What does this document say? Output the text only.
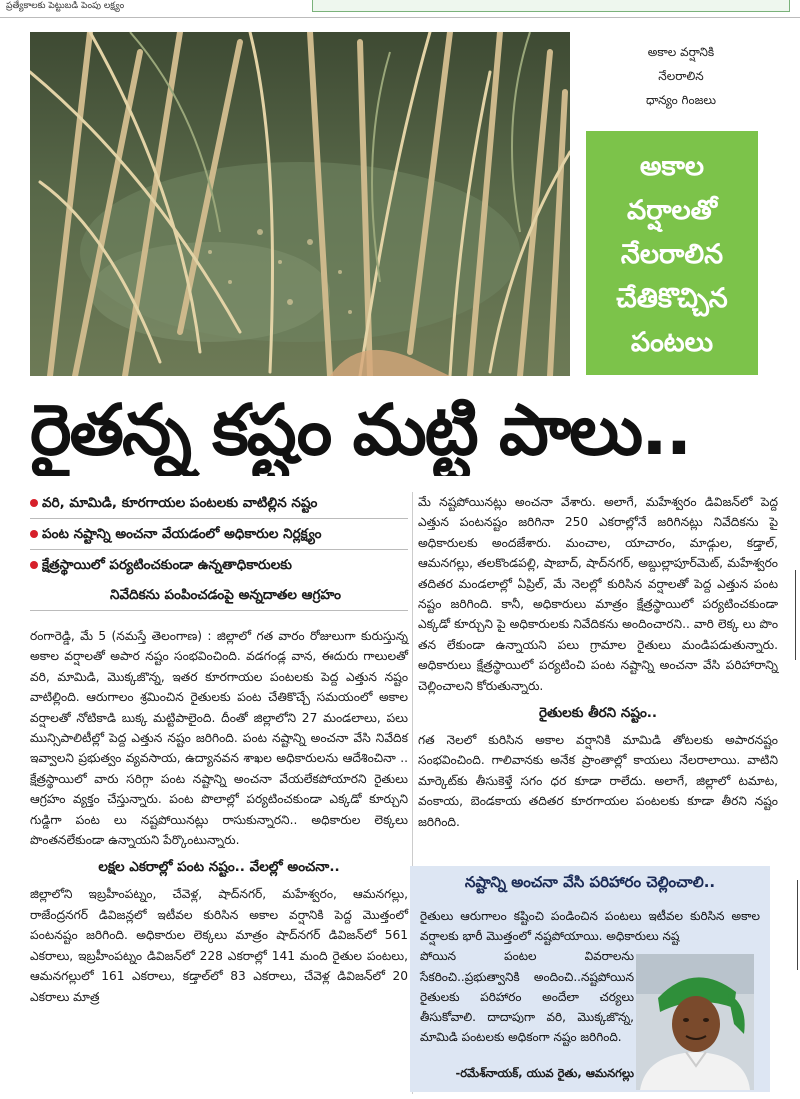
ప్రత్యేకాలకు పెట్టుబడి పెంపు లక్ష్యం
అకాల వర్షానికి
నేలరాలిన
ధాన్యం గింజలు
అకాల
వర్షాలతో
నేలరాలిన
చేతికొచ్చిన
పంటలు
రైతన్న కష్టం మట్టి పాలు..
వరి, మామిడి, కూరగాయల పంటలకు వాటిల్లిన నష్టం
పంట నష్టాన్ని అంచనా వేయడంలో అధికారుల నిర్లక్ష్యం
క్షేత్రస్థాయిలో పర్యటించకుండా ఉన్నతాధికారులకు
నివేదికను పంపించడంపై అన్నదాతల ఆగ్రహం

రంగారెడ్డి, మే 5 (నమస్తే తెలంగాణ) : జిల్లాలో గత వారం రోజులుగా కురుస్తున్న అకాల వర్షాలతో అపార నష్టం సంభవించింది. వడగండ్ల వాన, ఈదురు గాలులతో వరి, మామిడి, మొక్కజొన్న, ఇతర కూరగాయల పంటలకు పెద్ద ఎత్తున నష్టం వాటిల్లింది. ఆరుగాలం శ్రమించిన రైతులకు పంట చేతికొచ్చే సమయంలో అకాల వర్షాలతో నోటికాడి బుక్క మట్టిపాలైంది. దీంతో జిల్లాలోని 27 మండలాలు, పలు మున్సిపాలిటీల్లో పెద్ద ఎత్తున నష్టం జరిగింది. పంట నష్టాన్ని అంచనా వేసి నివేదిక ఇవ్వాలని ప్రభుత్వం వ్యవసాయ, ఉద్యానవన శాఖల అధికారులను ఆదేశించినా .. క్షేత్రస్థాయిలో వారు సరిగ్గా పంట నష్టాన్ని అంచనా వేయలేకపోయారని రైతులు ఆగ్రహం వ్యక్తం చేస్తున్నారు. పంట పొలాల్లో పర్యటించకుండా ఎక్కడో కూర్చుని గుడ్డిగా పంట లు నష్టపోయినట్లు రాసుకున్నారని.. అధికారుల లెక్కలు పొంతనలేకుండా ఉన్నాయని పేర్కొంటున్నారు.

లక్షల ఎకరాల్లో పంట నష్టం.. వేలల్లో అంచనా..

జిల్లాలోని ఇబ్రహీంపట్నం, చేవెళ్ల, షాద్‌నగర్, మహేశ్వరం, ఆమనగల్లు, రాజేంద్రనగర్ డివిజన్లలో ఇటీవల కురిసిన అకాల వర్షానికి పెద్ద మొత్తంలో పంటనష్టం జరిగింది. అధికారుల లెక్కలు మాత్రం షాద్‌నగర్ డివిజన్‌లో 561 ఎకరాలు, ఇబ్రహీంపట్నం డివిజన్‌లో 228 ఎకరాల్లో 141 మంది రైతుల పంటలు, ఆమనగల్లులో 161 ఎకరాలు, కడ్తాల్‌లో 83 ఎకరాలు, చేవెళ్ల డివిజన్‌లో 20 ఎకరాలు మాత్ర

మే నష్టపోయినట్లు అంచనా వేశారు. అలాగే, మహేశ్వరం డివిజన్‌లో పెద్ద ఎత్తున పంటనష్టం జరిగినా 250 ఎకరాల్లోనే జరిగినట్లు నివేదికను పై అధికారులకు అందజేశారు. మంచాల, యాచారం, మాడ్గుల, కడ్తాల్, ఆమనగల్లు, తలకొండపల్లి, షాబాద్, షాద్‌నగర్, అబ్దుల్లాపూర్‌మెట్, మహేశ్వరం తదితర మండలాల్లో ఏప్రిల్, మే నెలల్లో కురిసిన వర్షాలతో పెద్ద ఎత్తున పంట నష్టం జరిగింది. కానీ, అధికారులు మాత్రం క్షేత్రస్థాయిలో పర్యటించకుండా ఎక్కడో కూర్చుని పై అధికారులకు నివేదికను అందించారని.. వారి లెక్క లు పొం తన లేకుండా ఉన్నాయని పలు గ్రామాల రైతులు మండిపడుతున్నారు. అధికారులు క్షేత్రస్థాయిలో పర్యటించి పంట నష్టాన్ని అంచనా వేసి పరిహారాన్ని చెల్లించాలని కోరుతున్నారు.

రైతులకు తీరని నష్టం..

గత నెలలో కురిసిన అకాల వర్షానికి మామిడి తోటలకు అపారనష్టం సంభవించింది. గాలివానకు అనేక ప్రాంతాల్లో కాయలు నేలరాలాయి. వాటిని మార్కెట్‌కు తీసుకెళ్తే సగం ధర కూడా రాలేదు. అలాగే, జిల్లాలో టమాట, వంకాయ, బెండకాయ తదితర కూరగాయల పంటలకు కూడా తీరని నష్టం జరిగింది.

నష్టాన్ని అంచనా వేసి పరిహారం చెల్లించాలి..
రైతులు ఆరుగాలం కష్టించి పండించిన పంటలు ఇటీవల కురిసిన అకాల వర్షాలకు భారీ మొత్తంలో నష్టపోయాయి. అధికారులు నష్ట
పోయిన పంటల వివరాలను సేకరించి..ప్రభుత్వానికి అందించి..నష్టపోయిన రైతులకు పరిహారం అందేలా చర్యలు తీసుకోవాలి. దాదాపుగా వరి, మొక్కజొన్న, మామిడి పంటలకు అధికంగా నష్టం జరిగింది.
-రమేశ్‌నాయక్, యువ రైతు, ఆమనగల్లు
